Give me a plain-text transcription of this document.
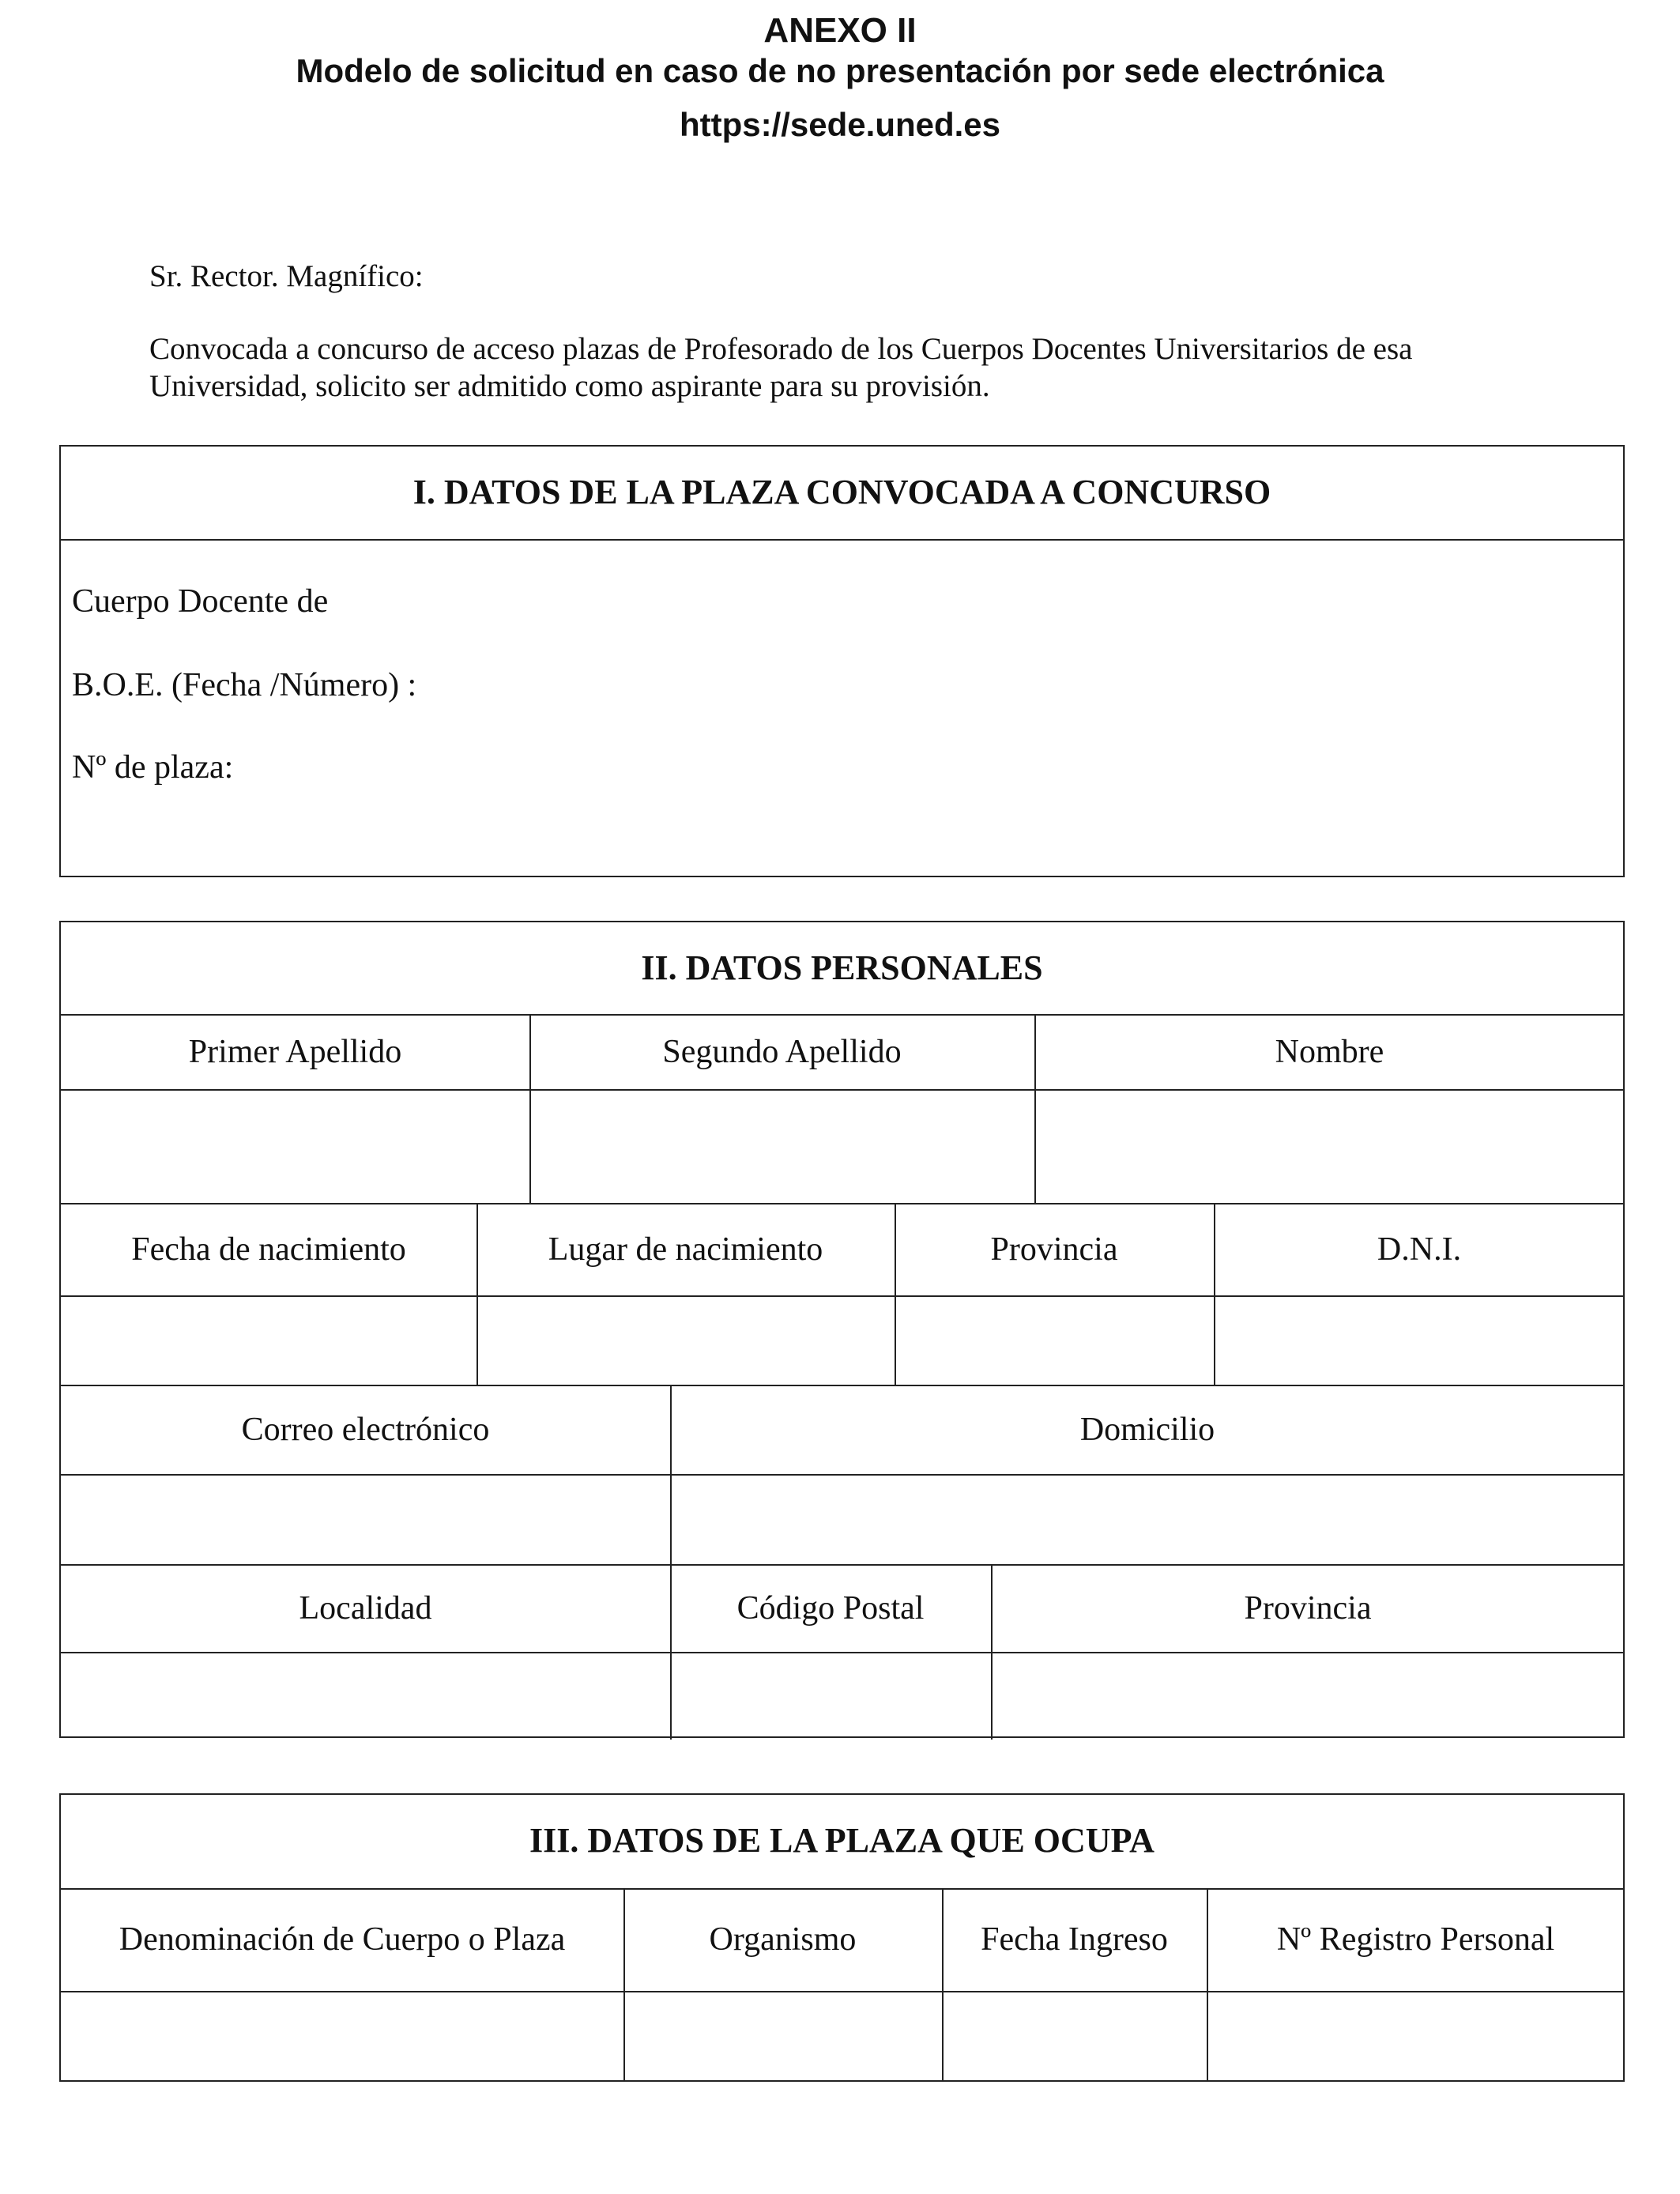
ANEXO II
Modelo de solicitud en caso de no presentación por sede electrónica
https://sede.uned.es
Sr. Rector. Magnífico:
Convocada a concurso de acceso plazas de Profesorado de los Cuerpos Docentes Universitarios de esa Universidad, solicito ser admitido como aspirante para su provisión.
I. DATOS DE LA PLAZA CONVOCADA A CONCURSO
Cuerpo Docente de
B.O.E. (Fecha /Número) :
Nº de plaza:
II. DATOS PERSONALES
Primer Apellido	Segundo Apellido	Nombre
Fecha de nacimiento	Lugar de nacimiento	Provincia	D.N.I.
Correo electrónico	Domicilio
Localidad	Código Postal	Provincia
III. DATOS DE LA PLAZA QUE OCUPA
Denominación de Cuerpo o Plaza	Organismo	Fecha Ingreso	Nº Registro Personal
